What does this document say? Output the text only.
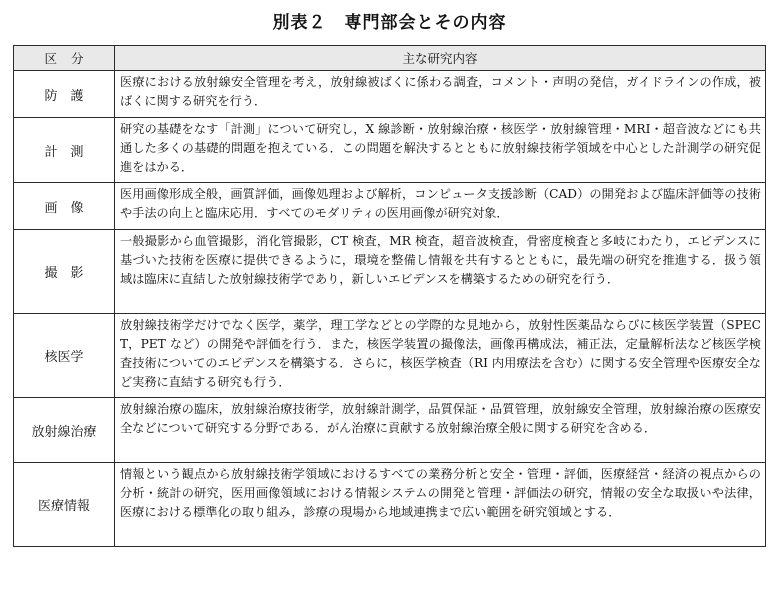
別表２　専門部会とその内容
区分	主な研究内容
防護	医療における放射線安全管理を考え，放射線被ばくに係わる調査，コメント・声明の発信，ガイドラインの作成，被ばくに関する研究を行う．
計測	研究の基礎をなす「計測」について研究し，X 線診断・放射線治療・核医学・放射線管理・MRI・超音波などにも共通した多くの基礎的問題を抱えている．この問題を解決するとともに放射線技術学領域を中心とした計測学の研究促進をはかる．
画像	医用画像形成全般，画質評価，画像処理および解析，コンピュータ支援診断（CAD）の開発および臨床評価等の技術や手法の向上と臨床応用．すべてのモダリティの医用画像が研究対象．
撮影	一般撮影から血管撮影，消化管撮影，CT 検査，MR 検査，超音波検査，骨密度検査と多岐にわたり，エビデンスに基づいた技術を医療に提供できるように，環境を整備し情報を共有するとともに，最先端の研究を推進する．扱う領域は臨床に直結した放射線技術学であり，新しいエビデンスを構築するための研究を行う．
核医学	放射線技術学だけでなく医学，薬学，理工学などとの学際的な見地から，放射性医薬品ならびに核医学装置（SPECT，PET など）の開発や評価を行う．また，核医学装置の撮像法，画像再構成法，補正法，定量解析法など核医学検査技術についてのエビデンスを構築する．さらに，核医学検査（RI 内用療法を含む）に関する安全管理や医療安全など実務に直結する研究も行う．
放射線治療	放射線治療の臨床，放射線治療技術学，放射線計測学，品質保証・品質管理，放射線安全管理，放射線治療の医療安全などについて研究する分野である．がん治療に貢献する放射線治療全般に関する研究を含める．
医療情報	情報という観点から放射線技術学領域におけるすべての業務分析と安全・管理・評価，医療経営・経済の視点からの分析・統計の研究，医用画像領域における情報システムの開発と管理・評価法の研究，情報の安全な取扱いや法律，医療における標準化の取り組み，診療の現場から地域連携まで広い範囲を研究領域とする．
